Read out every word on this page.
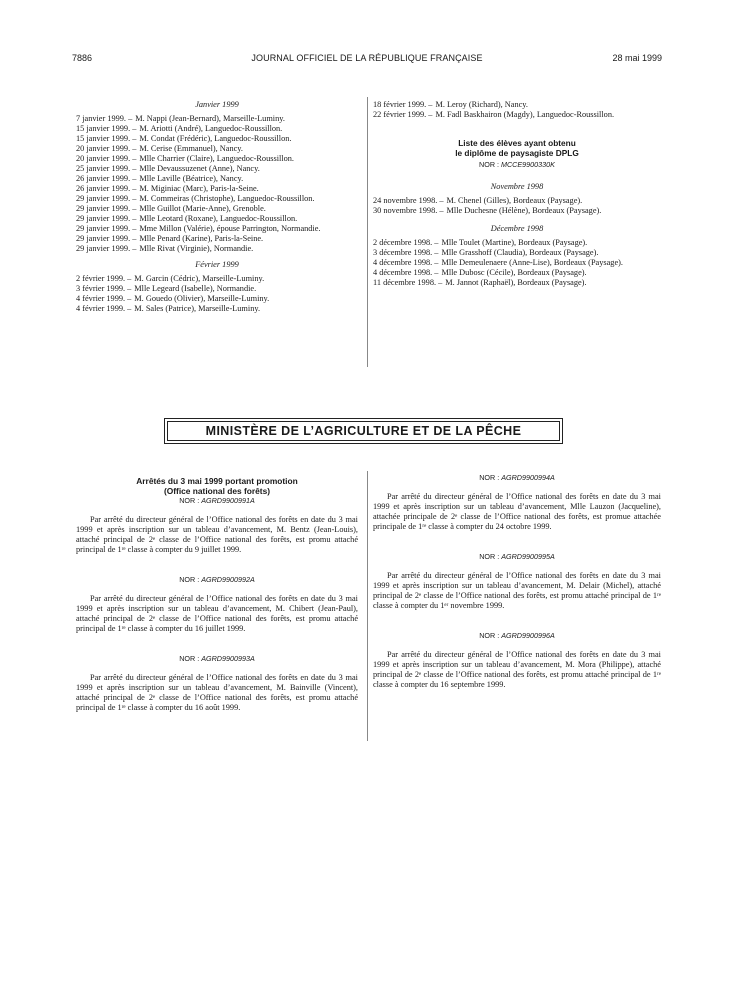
7886	JOURNAL OFFICIEL DE LA RÉPUBLIQUE FRANÇAISE	28 mai 1999
Janvier 1999
7 janvier 1999. – M. Nappi (Jean-Bernard), Marseille-Luminy.
15 janvier 1999. – M. Ariotti (André), Languedoc-Roussillon.
15 janvier 1999. – M. Condat (Frédéric), Languedoc-Roussillon.
20 janvier 1999. – M. Cerise (Emmanuel), Nancy.
20 janvier 1999. – Mlle Charrier (Claire), Languedoc-Roussillon.
25 janvier 1999. – Mlle Devaussuzenet (Anne), Nancy.
26 janvier 1999. – Mlle Laville (Béatrice), Nancy.
26 janvier 1999. – M. Miginiac (Marc), Paris-la-Seine.
29 janvier 1999. – M. Commeiras (Christophe), Languedoc-Roussillon.
29 janvier 1999. – Mlle Guillot (Marie-Anne), Grenoble.
29 janvier 1999. – Mlle Leotard (Roxane), Languedoc-Roussillon.
29 janvier 1999. – Mme Millon (Valérie), épouse Parrington, Normandie.
29 janvier 1999. – Mlle Penard (Karine), Paris-la-Seine.
29 janvier 1999. – Mlle Rivat (Virginie), Normandie.
Février 1999
2 février 1999. – M. Garcin (Cédric), Marseille-Luminy.
3 février 1999. – Mlle Legeard (Isabelle), Normandie.
4 février 1999. – M. Gouedo (Olivier), Marseille-Luminy.
4 février 1999. – M. Sales (Patrice), Marseille-Luminy.
18 février 1999. – M. Leroy (Richard), Nancy.
22 février 1999. – M. Fadl Baskhairon (Magdy), Languedoc-Roussillon.
Liste des élèves ayant obtenu
le diplôme de paysagiste DPLG
NOR : MCCE9900330K
Novembre 1998
24 novembre 1998. – M. Chenel (Gilles), Bordeaux (Paysage).
30 novembre 1998. – Mlle Duchesne (Hélène), Bordeaux (Paysage).
Décembre 1998
2 décembre 1998. – Mlle Toulet (Martine), Bordeaux (Paysage).
3 décembre 1998. – Mlle Grasshoff (Claudia), Bordeaux (Paysage).
4 décembre 1998. – Mlle Demeulenaere (Anne-Lise), Bordeaux (Paysage).
4 décembre 1998. – Mlle Dubosc (Cécile), Bordeaux (Paysage).
11 décembre 1998. – M. Jannot (Raphaël), Bordeaux (Paysage).
MINISTÈRE DE L’AGRICULTURE ET DE LA PÊCHE
Arrêtés du 3 mai 1999 portant promotion
(Office national des forêts)
NOR : AGRD9900991A

Par arrêté du directeur général de l’Office national des forêts en date du 3 mai 1999 et après inscription sur un tableau d’avancement, M. Bentz (Jean-Louis), attaché principal de 2ᵉ classe de l’Office national des forêts, est promu attaché principal de 1ʳᵉ classe à compter du 9 juillet 1999.

NOR : AGRD9900992A

Par arrêté du directeur général de l’Office national des forêts en date du 3 mai 1999 et après inscription sur un tableau d’avancement, M. Chibert (Jean-Paul), attaché principal de 2ᵉ classe de l’Office national des forêts, est promu attaché principal de 1ʳᵉ classe à compter du 16 juillet 1999.

NOR : AGRD9900993A

Par arrêté du directeur général de l’Office national des forêts en date du 3 mai 1999 et après inscription sur un tableau d’avancement, M. Bainville (Vincent), attaché principal de 2ᵉ classe de l’Office national des forêts, est promu attaché principal de 1ʳᵉ classe à compter du 16 août 1999.

NOR : AGRD9900994A

Par arrêté du directeur général de l’Office national des forêts en date du 3 mai 1999 et après inscription sur un tableau d’avancement, Mlle Lauzon (Jacqueline), attachée principale de 2ᵉ classe de l’Office national des forêts, est promue attachée principale de 1ʳᵉ classe à compter du 24 octobre 1999.

NOR : AGRD9900995A

Par arrêté du directeur général de l’Office national des forêts en date du 3 mai 1999 et après inscription sur un tableau d’avancement, M. Delair (Michel), attaché principal de 2ᵉ classe de l’Office national des forêts, est promu attaché principal de 1ʳᵉ classe à compter du 1ᵉʳ novembre 1999.

NOR : AGRD9900996A

Par arrêté du directeur général de l’Office national des forêts en date du 3 mai 1999 et après inscription sur un tableau d’avancement, M. Mora (Philippe), attaché principal de 2ᵉ classe de l’Office national des forêts, est promu attaché principal de 1ʳᵉ classe à compter du 16 septembre 1999.
